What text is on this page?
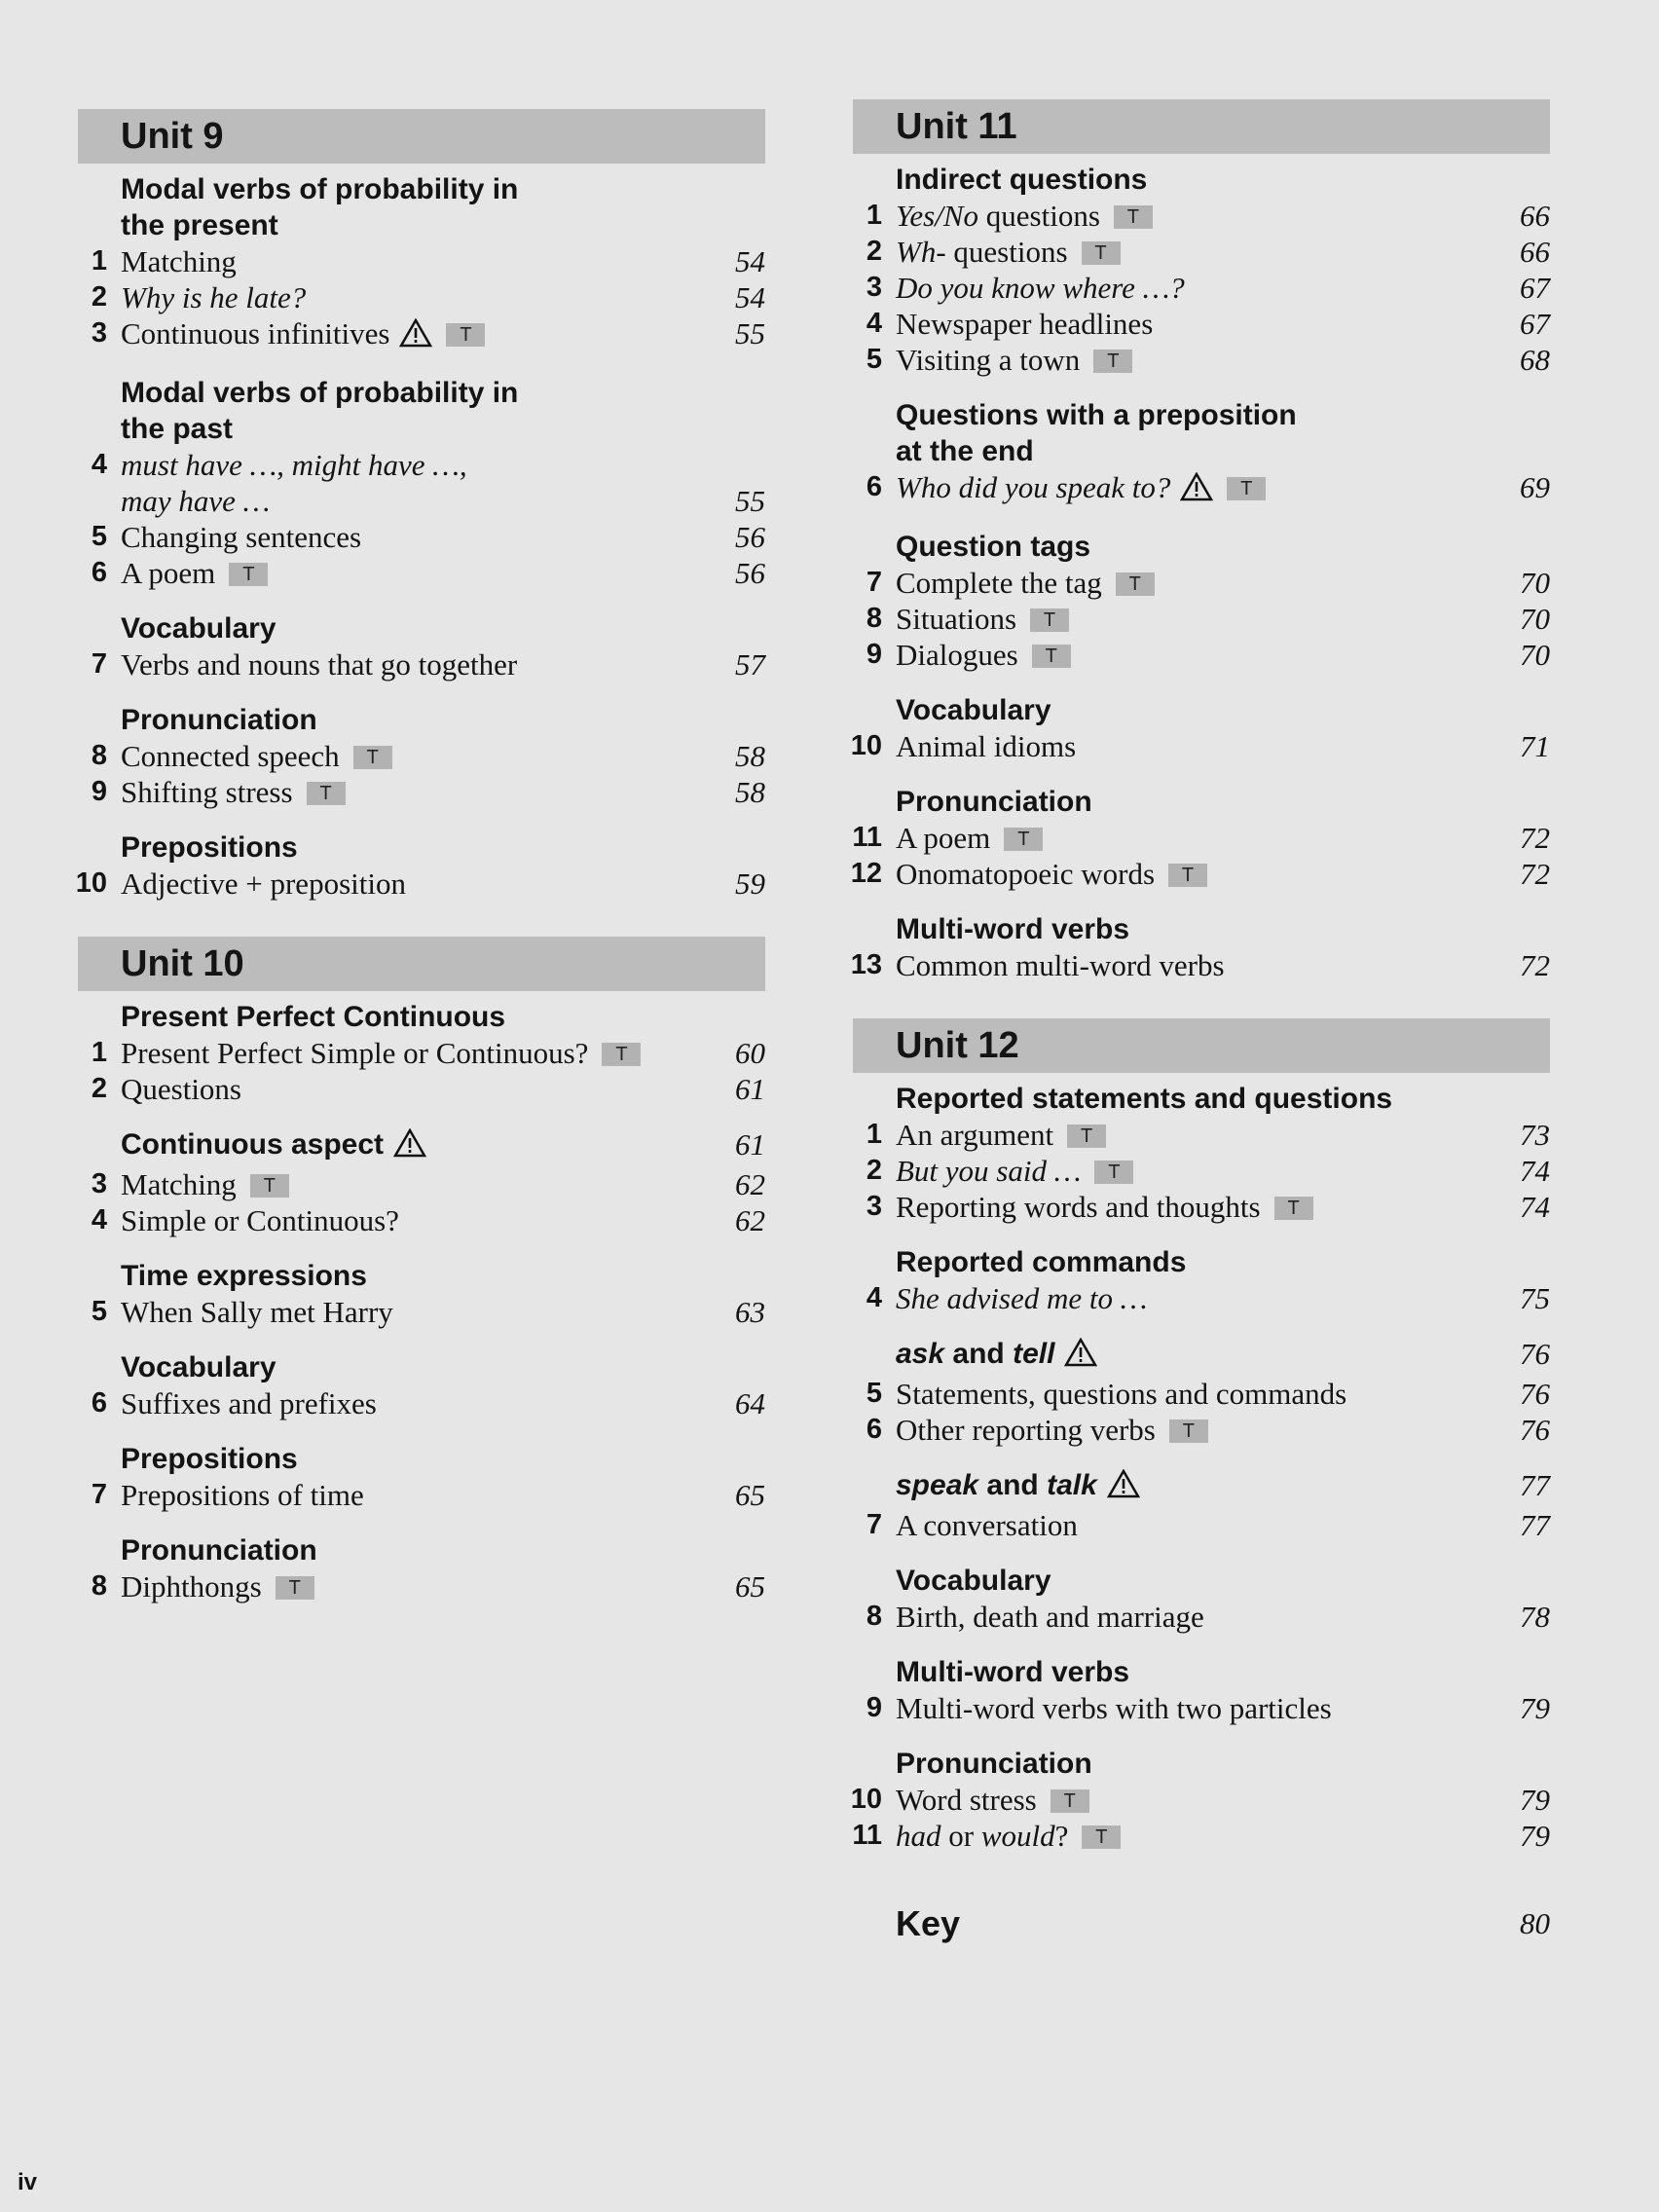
Unit 9
Modal verbs of probability in
the present
1 Matching	54
2 Why is he late?	54
3 Continuous infinitives	T	55
Modal verbs of probability in
the past
4 must have …, might have …,
may have …	55
5 Changing sentences	56
6 A poem T	56
Vocabulary
7 Verbs and nouns that go together	57
Pronunciation
8 Connected speech T	58
9 Shifting stress T	58
Prepositions
10 Adjective + preposition	59
Unit 10
Present Perfect Continuous
1 Present Perfect Simple or Continuous? T	60
2 Questions	61
Continuous aspect	61
3 Matching T	62
4 Simple or Continuous?	62
Time expressions
5 When Sally met Harry	63
Vocabulary
6 Suffixes and prefixes	64
Prepositions
7 Prepositions of time	65
Pronunciation
8 Diphthongs T	65
Unit 11
Indirect questions
1 Yes/No questions T	66
2 Wh- questions T	66
3 Do you know where …?	67
4 Newspaper headlines	67
5 Visiting a town T	68
Questions with a preposition
at the end
6 Who did you speak to?	T	69
Question tags
7 Complete the tag T	70
8 Situations T	70
9 Dialogues T	70
Vocabulary
10 Animal idioms	71
Pronunciation
11 A poem T	72
12 Onomatopoeic words T	72
Multi-word verbs
13 Common multi-word verbs	72
Unit 12
Reported statements and questions
1 An argument T	73
2 But you said … T	74
3 Reporting words and thoughts T	74
Reported commands
4 She advised me to …	75
ask and tell	76
5 Statements, questions and commands	76
6 Other reporting verbs T	76
speak and talk	77
7 A conversation	77
Vocabulary
8 Birth, death and marriage	78
Multi-word verbs
9 Multi-word verbs with two particles	79
Pronunciation
10 Word stress T	79
11 had or would? T	79
Key	80
iv
